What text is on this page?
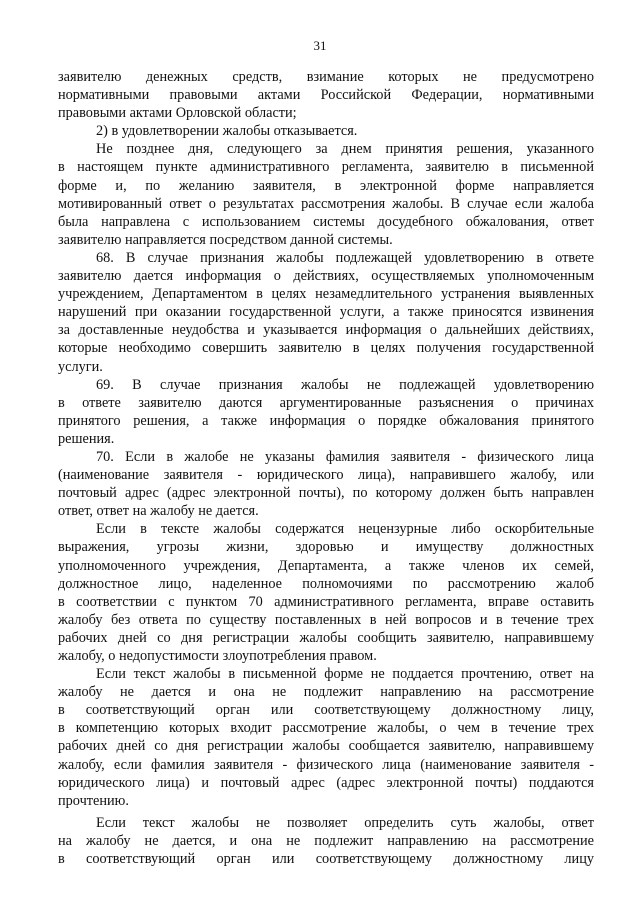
31
заявителю денежных средств, взимание которых не предусмотрено
нормативными правовыми актами Российской Федерации, нормативными
правовыми актами Орловской области;
2) в удовлетворении жалобы отказывается.
Не позднее дня, следующего за днем принятия решения, указанного
в настоящем пункте административного регламента, заявителю в письменной
форме и, по желанию заявителя, в электронной форме направляется
мотивированный ответ о результатах рассмотрения жалобы. В случае если жалоба
была направлена с использованием системы досудебного обжалования, ответ
заявителю направляется посредством данной системы.
68. В случае признания жалобы подлежащей удовлетворению в ответе
заявителю дается информация о действиях, осуществляемых уполномоченным
учреждением, Департаментом в целях незамедлительного устранения выявленных
нарушений при оказании государственной услуги, а также приносятся извинения
за доставленные неудобства и указывается информация о дальнейших действиях,
которые необходимо совершить заявителю в целях получения государственной
услуги.
69. В случае признания жалобы не подлежащей удовлетворению
в ответе заявителю даются аргументированные разъяснения о причинах
принятого решения, а также информация о порядке обжалования принятого
решения.
70. Если в жалобе не указаны фамилия заявителя - физического лица
(наименование заявителя - юридического лица), направившего жалобу, или
почтовый адрес (адрес электронной почты), по которому должен быть направлен
ответ, ответ на жалобу не дается.
Если в тексте жалобы содержатся нецензурные либо оскорбительные
выражения, угрозы жизни, здоровью и имуществу должностных
уполномоченного учреждения, Департамента, а также членов их семей,
должностное лицо, наделенное полномочиями по рассмотрению жалоб
в соответствии с пунктом 70 административного регламента, вправе оставить
жалобу без ответа по существу поставленных в ней вопросов и в течение трех
рабочих дней со дня регистрации жалобы сообщить заявителю, направившему
жалобу, о недопустимости злоупотребления правом.
Если текст жалобы в письменной форме не поддается прочтению, ответ на
жалобу не дается и она не подлежит направлению на рассмотрение
в соответствующий орган или соответствующему должностному лицу,
в компетенцию которых входит рассмотрение жалобы, о чем в течение трех
рабочих дней со дня регистрации жалобы сообщается заявителю, направившему
жалобу, если фамилия заявителя - физического лица (наименование заявителя -
юридического лица) и почтовый адрес (адрес электронной почты) поддаются
прочтению.
Если текст жалобы не позволяет определить суть жалобы, ответ
на жалобу не дается, и она не подлежит направлению на рассмотрение
в соответствующий орган или соответствующему должностному лицу
